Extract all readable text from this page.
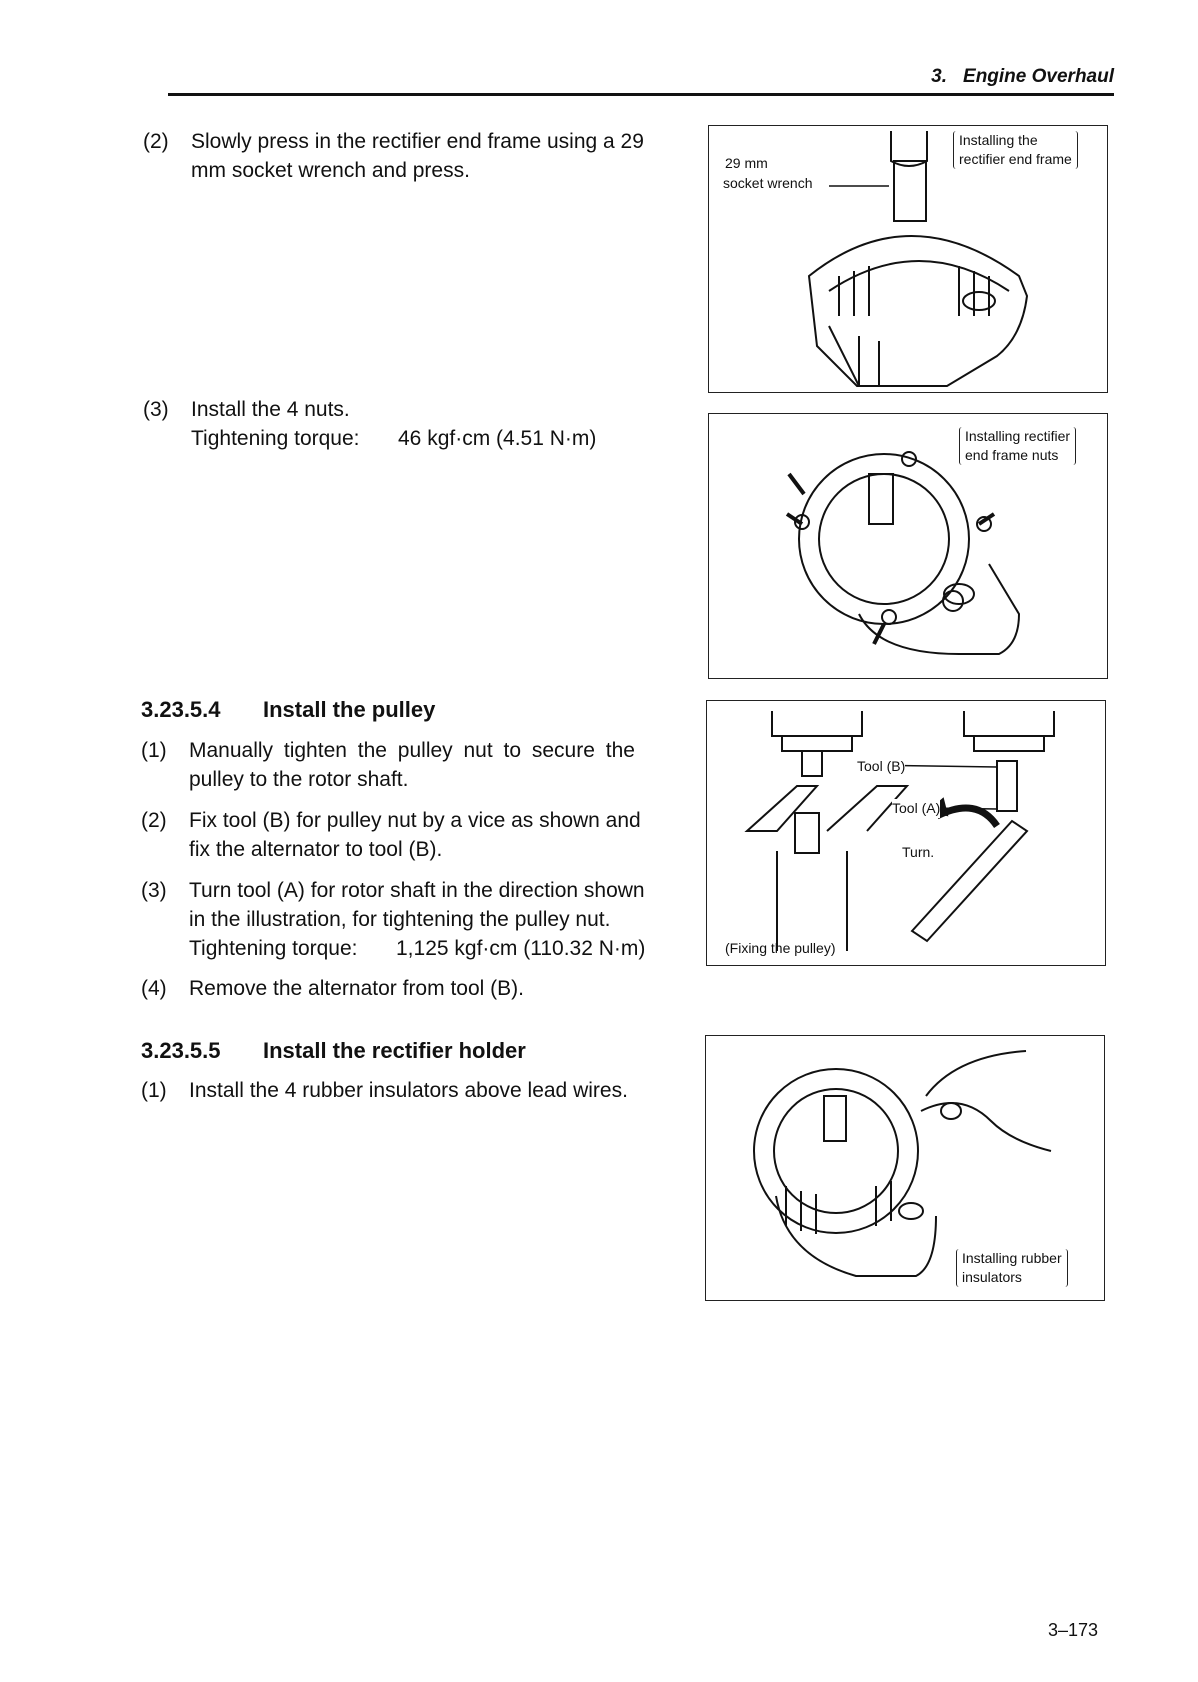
3. Engine Overhaul
(2) Slowly press in the rectifier end frame using a 29
mm socket wrench and press.
(3) Install the 4 nuts.
Tightening torque: 46 kgf·cm (4.51 N·m)
3.23.5.4 Install the pulley
(1) Manually tighten the pulley nut to secure the
pulley to the rotor shaft.
(2) Fix tool (B) for pulley nut by a vice as shown and
fix the alternator to tool (B).
(3) Turn tool (A) for rotor shaft in the direction shown
in the illustration, for tightening the pulley nut.
Tightening torque: 1,125 kgf·cm (110.32 N·m)
(4) Remove the alternator from tool (B).
3.23.5.5 Install the rectifier holder
(1) Install the 4 rubber insulators above lead wires.
29 mm
socket wrench
Installing the
rectifier end frame
Installing rectifier
end frame nuts
Tool (B)
Tool (A)
Turn.
(Fixing the pulley)
Installing rubber
insulators
3–173
